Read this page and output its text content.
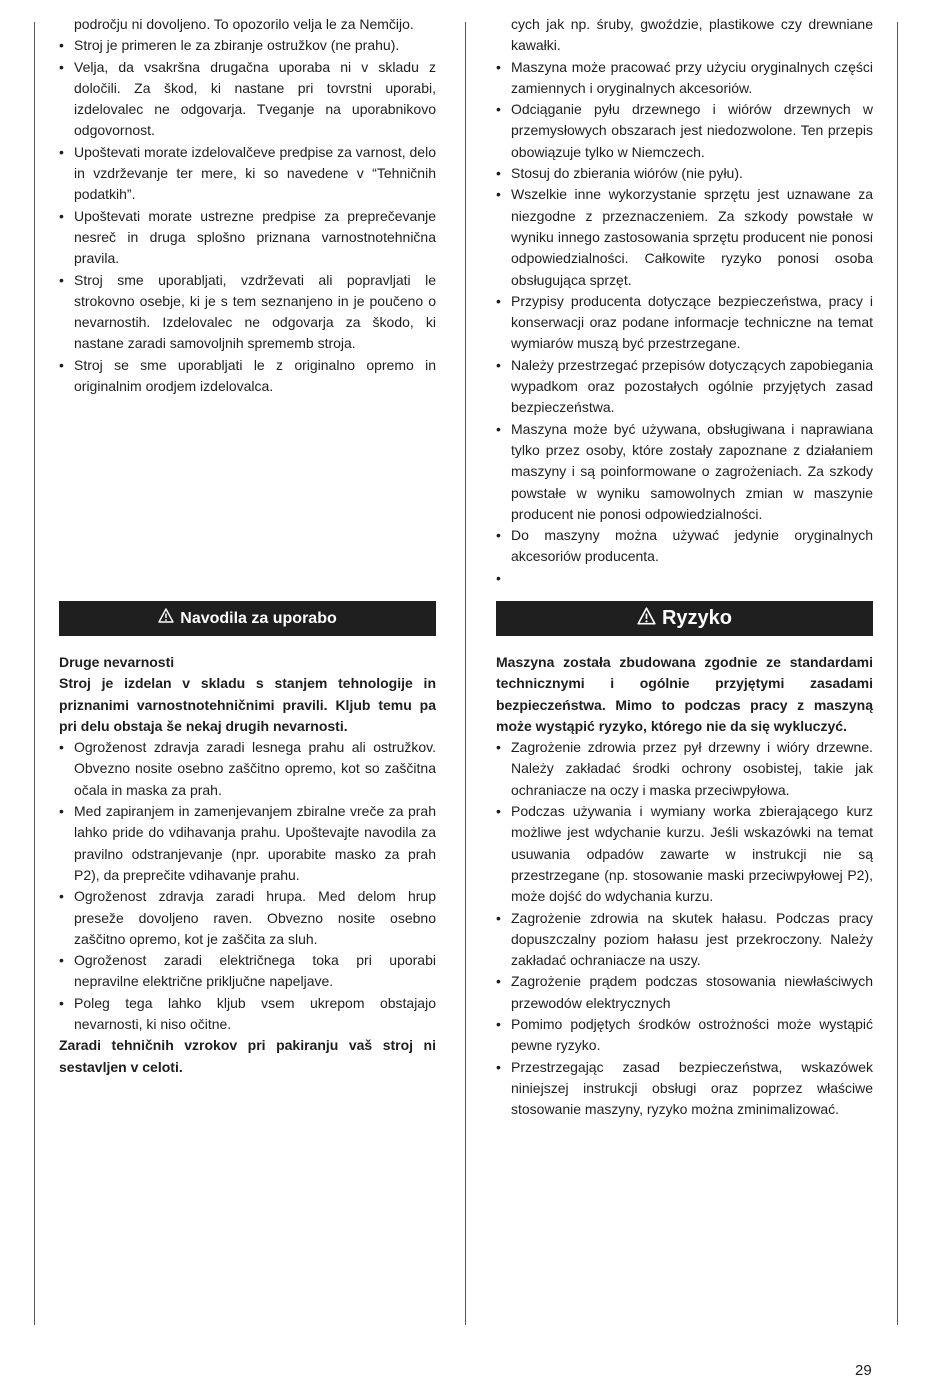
področju ni dovoljeno. To opozorilo velja le za Nemčijo.
• Stroj je primeren le za zbiranje ostružkov (ne prahu).
• Velja, da vsakršna drugačna uporaba ni v skladu z določili. Za škod, ki nastane pri tovrstni uporabi, izdelovalec ne odgovarja. Tveganje na uporabnikovo odgovornost.
• Upoštevati morate izdelovalčeve predpise za varnost, delo in vzdrževanje ter mere, ki so navedene v “Tehničnih podatkih”.
• Upoštevati morate ustrezne predpise za preprečevanje nesreč in druga splošno priznana varnostnotehnična pravila.
• Stroj sme uporabljati, vzdrževati ali popravljati le strokovno osebje, ki je s tem seznanjeno in je poučeno o nevarnostih. Izdelovalec ne odgovarja za škodo, ki nastane zaradi samovoljnih sprememb stroja.
• Stroj se sme uporabljati le z originalno opremo in originalnim orodjem izdelovalca.
cych jak np. śruby, gwoździe, plastikowe czy drewniane kawałki.
• Maszyna może pracować przy użyciu oryginalnych części zamiennych i oryginalnych akcesoriów.
• Odciąganie pyłu drzewnego i wiórów drzewnych w przemysłowych obszarach jest niedozwolone. Ten przepis obowiązuje tylko w Niemczech.
• Stosuj do zbierania wiórów (nie pyłu).
• Wszelkie inne wykorzystanie sprzętu jest uznawane za niezgodne z przeznaczeniem. Za szkody powstałe w wyniku innego zastosowania sprzętu producent nie ponosi odpowiedzialności. Całkowite ryzyko ponosi osoba obsługująca sprzęt.
• Przypisy producenta dotyczące bezpieczeństwa, pracy i konserwacji oraz podane informacje techniczne na temat wymiarów muszą być przestrzegane.
• Należy przestrzegać przepisów dotyczących zapobiegania wypadkom oraz pozostałych ogólnie przyjętych zasad bezpieczeństwa.
• Maszyna może być używana, obsługiwana i naprawiana tylko przez osoby, które zostały zapoznane z działaniem maszyny i są poinformowane o zagrożeniach. Za szkody powstałe w wyniku samowolnych zmian w maszynie producent nie ponosi odpowiedzialności.
• Do maszyny można używać jedynie oryginalnych akcesoriów producenta.
•
Navodila za uporabo	Ryzyko
Druge nevarnosti
Stroj je izdelan v skladu s stanjem tehnologije in priznanimi varnostnotehničnimi pravili. Kljub temu pa pri delu obstaja še nekaj drugih nevarnosti.
• Ogroženost zdravja zaradi lesnega prahu ali ostružkov. Obvezno nosite osebno zaščitno opremo, kot so zaščitna očala in maska za prah.
• Med zapiranjem in zamenjevanjem zbiralne vreče za prah lahko pride do vdihavanja prahu. Upoštevajte navodila za pravilno odstranjevanje (npr. uporabite masko za prah P2), da preprečite vdihavanje prahu.
• Ogroženost zdravja zaradi hrupa. Med delom hrup preseže dovoljeno raven. Obvezno nosite osebno zaščitno opremo, kot je zaščita za sluh.
• Ogroženost zaradi električnega toka pri uporabi nepravilne električne priključne napeljave.
• Poleg tega lahko kljub vsem ukrepom obstajajo nevarnosti, ki niso očitne.
Zaradi tehničnih vzrokov pri pakiranju vaš stroj ni sestavljen v celoti.
Maszyna została zbudowana zgodnie ze standardami technicznymi i ogólnie przyjętymi zasadami bezpieczeństwa. Mimo to podczas pracy z maszyną może wystąpić ryzyko, którego nie da się wykluczyć.
• Zagrożenie zdrowia przez pył drzewny i wióry drzewne. Należy zakładać środki ochrony osobistej, takie jak ochraniacze na oczy i maska przeciwpyłowa.
• Podczas używania i wymiany worka zbierającego kurz możliwe jest wdychanie kurzu. Jeśli wskazówki na temat usuwania odpadów zawarte w instrukcji nie są przestrzegane (np. stosowanie maski przeciwpyłowej P2), może dojść do wdychania kurzu.
• Zagrożenie zdrowia na skutek hałasu. Podczas pracy dopuszczalny poziom hałasu jest przekroczony. Należy zakładać ochraniacze na uszy.
• Zagrożenie prądem podczas stosowania niewłaściwych przewodów elektrycznych
• Pomimo podjętych środków ostrożności może wystąpić pewne ryzyko.
• Przestrzegając zasad bezpieczeństwa, wskazówek niniejszej instrukcji obsługi oraz poprzez właściwe stosowanie maszyny, ryzyko można zminimalizować.
29
